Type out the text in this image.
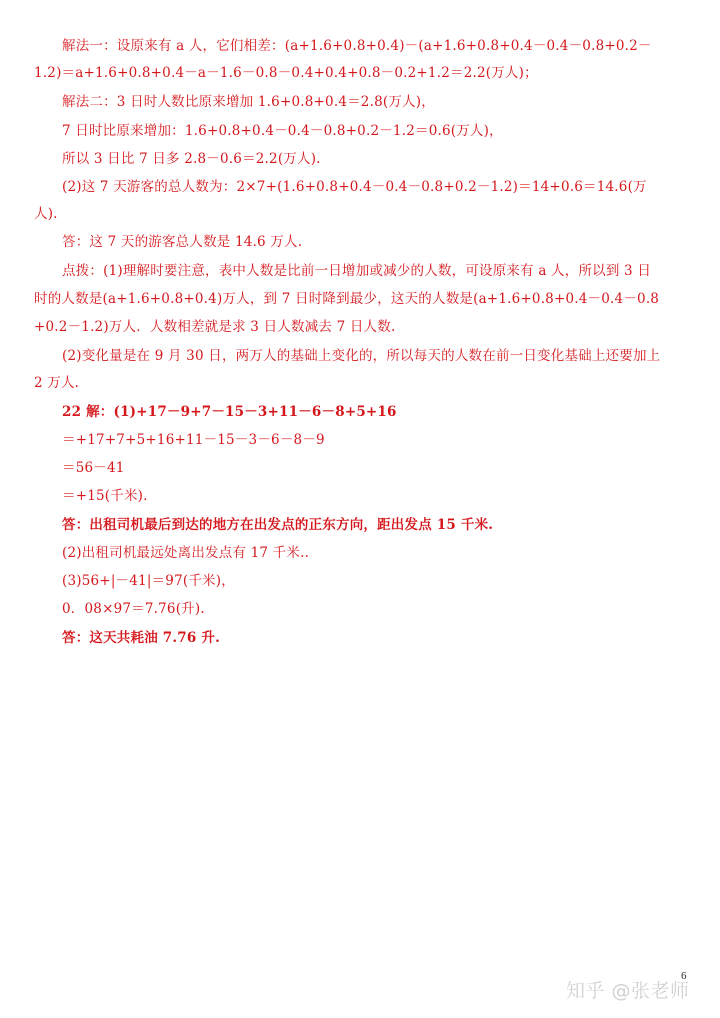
解法一：设原来有 a 人，它们相差：(a+1.6+0.8+0.4)－(a+1.6+0.8+0.4－0.4－0.8+0.2－
1.2)＝a+1.6+0.8+0.4－a－1.6－0.8－0.4+0.4+0.8－0.2+1.2＝2.2(万人)；
解法二：3 日时人数比原来增加 1.6+0.8+0.4＝2.8(万人)，
7 日时比原来增加：1.6+0.8+0.4－0.4－0.8+0.2－1.2＝0.6(万人)，
所以 3 日比 7 日多 2.8－0.6＝2.2(万人).
(2)这 7 天游客的总人数为：2×7+(1.6+0.8+0.4－0.4－0.8+0.2－1.2)＝14+0.6＝14.6(万
人).
答：这 7 天的游客总人数是 14.6 万人.
点拨：(1)理解时要注意，表中人数是比前一日增加或减少的人数，可设原来有 a 人，所以到 3 日
时的人数是(a+1.6+0.8+0.4)万人，到 7 日时降到最少，这天的人数是(a+1.6+0.8+0.4－0.4－0.8
+0.2－1.2)万人．人数相差就是求 3 日人数减去 7 日人数.
(2)变化量是在 9 月 30 日，两万人的基础上变化的，所以每天的人数在前一日变化基础上还要加上
2 万人.
22 解：(1)+17－9+7－15－3+11－6－8+5+16
＝+17+7+5+16+11－15－3－6－8－9
＝56－41
＝+15(千米).
答：出租司机最后到达的地方在出发点的正东方向，距出发点 15 千米.
(2)出租司机最远处离出发点有 17 千米..
(3)56+|－41|＝97(千米)，
0．08×97＝7.76(升).
答：这天共耗油 7.76 升.
知乎 @张老师
6
